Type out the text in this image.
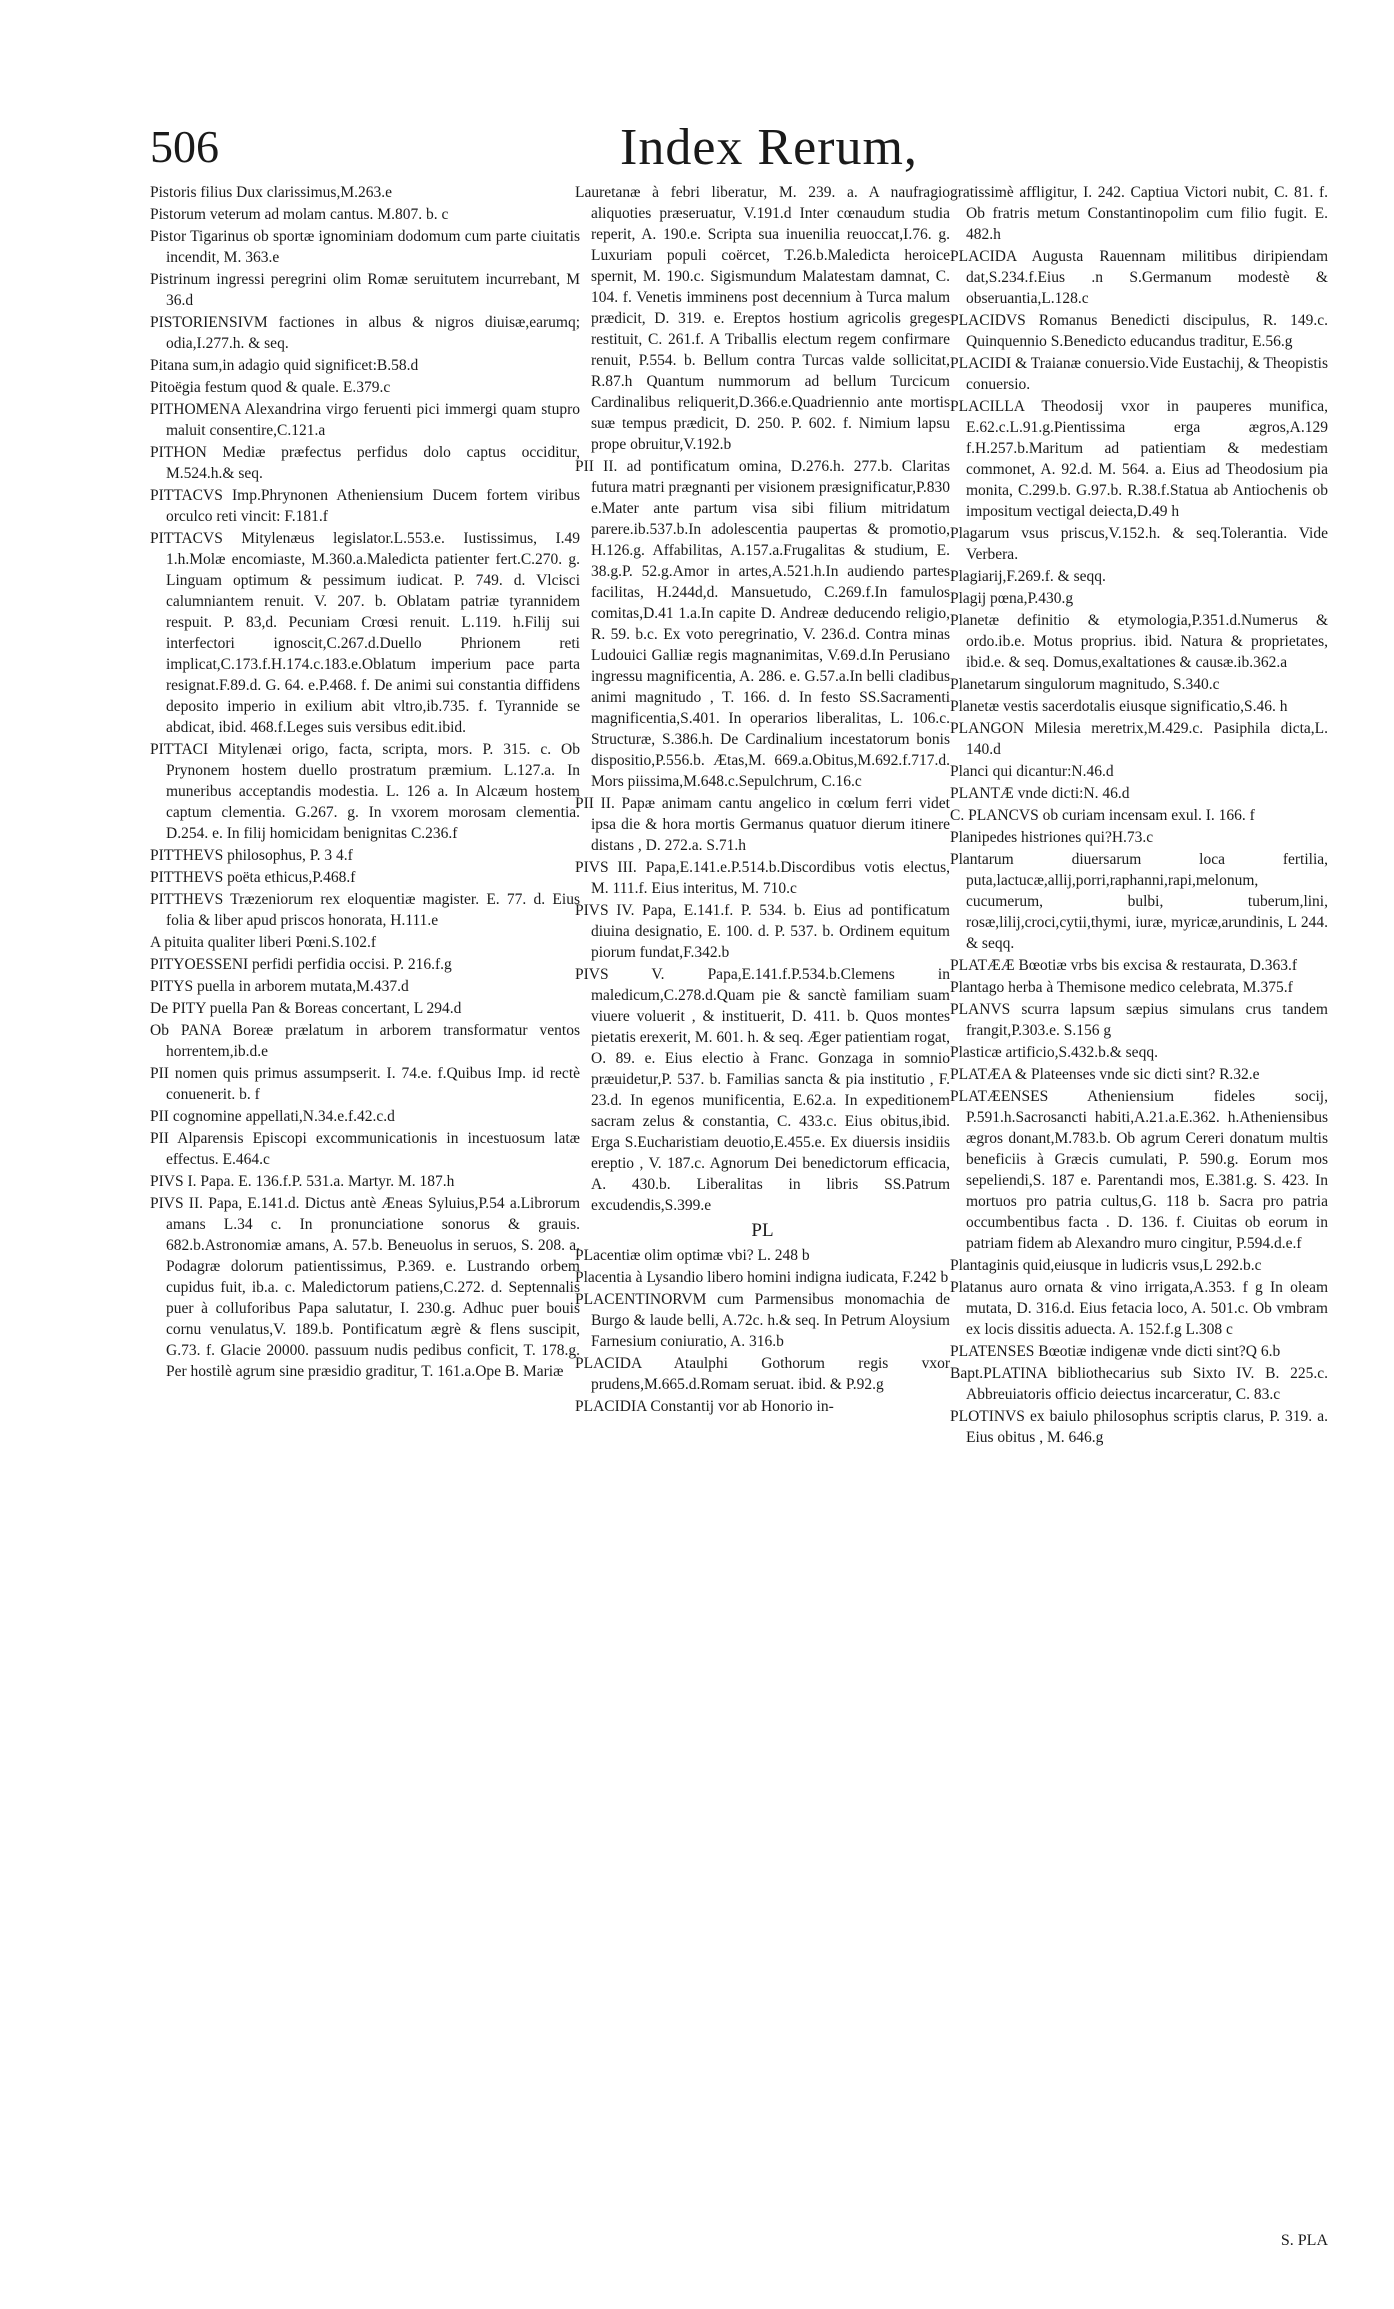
506	Index Rerum,

Pistoris filius Dux clarissimus,M.263.e

Pistorum veterum ad molam cantus. M.807. b. c

Pistor Tigarinus ob sportæ ignominiam dodomum cum parte ciuitatis incendit, M. 363.e

Pistrinum ingressi peregrini olim Romæ seruitutem incurrebant, M 36.d

PISTORIENSIVM factiones in albus & nigros diuisæ,earumq; odia,I.277.h. & seq.

Pitana sum,in adagio quid significet:B.58.d

Pitoëgia festum quod & quale. E.379.c

PITHOMENA Alexandrina virgo feruenti pici immergi quam stupro maluit consentire,C.121.a

PITHON Mediæ præfectus perfidus dolo captus occiditur, M.524.h.& seq.

PITTACVS Imp.Phrynonen Atheniensium Ducem fortem viribus orculco reti vincit: F.181.f

PITTACVS Mitylenæus legislator.L.553.e. Iustissimus, I.49 1.h.Molæ encomiaste, M.360.a.Maledicta patienter fert.C.270. g. Linguam optimum & pessimum iudicat. P. 749. d. Vlcisci calumniantem renuit. V. 207. b. Oblatam patriæ tyrannidem respuit. P. 83,d. Pecuniam Crœsi renuit. L.119. h.Filij sui interfectori ignoscit,C.267.d.Duello Phrionem reti implicat,C.173.f.H.174.c.183.e.Oblatum imperium pace parta resignat.F.89.d. G. 64. e.P.468. f. De animi sui constantia diffidens deposito imperio in exilium abit vltro,ib.735. f. Tyrannide se abdicat, ibid. 468.f.Leges suis versibus edit.ibid.

PITTACI Mitylenæi origo, facta, scripta, mors. P. 315. c. Ob Prynonem hostem duello prostratum præmium. L.127.a. In muneribus acceptandis modestia. L. 126 a. In Alcæum hostem captum clementia. G.267. g. In vxorem morosam clementia. D.254. e. In filij homicidam benignitas C.236.f

PITTHEVS philosophus, P. 3 4.f

PITTHEVS poëta ethicus,P.468.f

PITTHEVS Træzeniorum rex eloquentiæ magister. E. 77. d. Eius folia & liber apud priscos honorata, H.111.e

A pituita qualiter liberi Pœni.S.102.f

PITYOESSENI perfidi perfidia occisi. P. 216.f.g

PITYS puella in arborem mutata,M.437.d

De PITY puella Pan & Boreas concertant, L 294.d

Ob PANA Boreæ prælatum in arborem transformatur ventos horrentem,ib.d.e

PII nomen quis primus assumpserit. I. 74.e. f.Quibus Imp. id rectè conuenerit. b. f

PII cognomine appellati,N.34.e.f.42.c.d

PII Alparensis Episcopi excommunicationis in incestuosum latæ effectus. E.464.c

PIVS I. Papa. E. 136.f.P. 531.a. Martyr. M. 187.h

PIVS II. Papa, E.141.d. Dictus antè Æneas Syluius,P.54 a.Librorum amans L.34 c. In pronunciatione sonorus & grauis. 682.b.Astronomiæ amans, A. 57.b. Beneuolus in seruos, S. 208. a. Podagræ dolorum patientissimus, P.369. e. Lustrando orbem cupidus fuit, ib.a. c. Maledictorum patiens,C.272. d. Septennalis puer à colluforibus Papa salutatur, I. 230.g. Adhuc puer bouis cornu venulatus,V. 189.b. Pontificatum ægrè & flens suscipit, G.73. f. Glacie 20000. passuum nudis pedibus conficit, T. 178.g. Per hostilè agrum sine præsidio graditur, T. 161.a.Ope B. Mariæ

Lauretanæ à febri liberatur, M. 239. a. A naufragio aliquoties præseruatur, V.191.d Inter cœnaudum studia reperit, A. 190.e. Scripta sua inuenilia reuoccat,I.76. g. Luxuriam populi coërcet, T.26.b.Maledicta heroice spernit, M. 190.c. Sigismundum Malatestam damnat, C. 104. f. Venetis imminens post decennium à Turca malum prædicit, D. 319. e. Ereptos hostium agricolis greges restituit, C. 261.f. A Triballis electum regem confirmare renuit, P.554. b. Bellum contra Turcas valde sollicitat, R.87.h Quantum nummorum ad bellum Turcicum Cardinalibus reliquerit,D.366.e.Quadriennio ante mortis suæ tempus prædicit, D. 250. P. 602. f. Nimium lapsu prope obruitur,V.192.b

PII II. ad pontificatum omina, D.276.h. 277.b. Claritas futura matri prægnanti per visionem præsignificatur,P.830 e.Mater ante partum visa sibi filium mitridatum parere.ib.537.b.In adolescentia paupertas & promotio, H.126.g. Affabilitas, A.157.a.Frugalitas & studium, E. 38.g.P. 52.g.Amor in artes,A.521.h.In audiendo partes facilitas, H.244d,d. Mansuetudo, C.269.f.In famulos comitas,D.41 1.a.In capite D. Andreæ deducendo religio, R. 59. b.c. Ex voto peregrinatio, V. 236.d. Contra minas Ludouici Galliæ regis magnanimitas, V.69.d.In Perusiano ingressu magnificentia, A. 286. e. G.57.a.In belli cladibus animi magnitudo , T. 166. d. In festo SS.Sacramenti magnificentia,S.401. In operarios liberalitas, L. 106.c. Structuræ, S.386.h. De Cardinalium incestatorum bonis dispositio,P.556.b. Ætas,M. 669.a.Obitus,M.692.f.717.d. Mors piissima,M.648.c.Sepulchrum, C.16.c

PII II. Papæ animam cantu angelico in cœlum ferri videt ipsa die & hora mortis Germanus quatuor dierum itinere distans , D. 272.a. S.71.h

PIVS III. Papa,E.141.e.P.514.b.Discordibus votis electus, M. 111.f. Eius interitus, M. 710.c

PIVS IV. Papa, E.141.f. P. 534. b. Eius ad pontificatum diuina designatio, E. 100. d. P. 537. b. Ordinem equitum piorum fundat,F.342.b

PIVS V. Papa,E.141.f.P.534.b.Clemens in maledicum,C.278.d.Quam pie & sanctè familiam suam viuere voluerit , & instituerit, D. 411. b. Quos montes pietatis erexerit, M. 601. h. & seq. Æger patientiam rogat, O. 89. e. Eius electio à Franc. Gonzaga in somnio præuidetur,P. 537. b. Familias sancta & pia institutio , F. 23.d. In egenos munificentia, E.62.a. In expeditionem sacram zelus & constantia, C. 433.c. Eius obitus,ibid. Erga S.Eucharistiam deuotio,E.455.e. Ex diuersis insidiis ereptio , V. 187.c. Agnorum Dei benedictorum efficacia, A. 430.b. Liberalitas in libris SS.Patrum excudendis,S.399.e

PL

PLacentiæ olim optimæ vbi? L. 248 b

Placentia à Lysandio libero homini indigna iudicata, F.242 b

PLACENTINORVM cum Parmensibus monomachia de Burgo & laude belli, A.72c. h.& seq. In Petrum Aloysium Farnesium coniuratio, A. 316.b

PLACIDA Ataulphi Gothorum regis vxor prudens,M.665.d.Romam seruat. ibid. & P.92.g

PLACIDIA Constantij vor ab Honorio in-

gratissimè affligitur, I. 242. Captiua Victori nubit, C. 81. f. Ob fratris metum Constantinopolim cum filio fugit. E. 482.h

PLACIDA Augusta Rauennam militibus diripiendam dat,S.234.f.Eius .n S.Germanum modestè & obseruantia,L.128.c

PLACIDVS Romanus Benedicti discipulus, R. 149.c. Quinquennio S.Benedicto educandus traditur, E.56.g

PLACIDI & Traianæ conuersio.Vide Eustachij, & Theopistis conuersio.

PLACILLA Theodosij vxor in pauperes munifica, E.62.c.L.91.g.Pientissima erga ægros,A.129 f.H.257.b.Maritum ad patientiam & medestiam commonet, A. 92.d. M. 564. a. Eius ad Theodosium pia monita, C.299.b. G.97.b. R.38.f.Statua ab Antiochenis ob impositum vectigal deiecta,D.49 h

Plagarum vsus priscus,V.152.h. & seq.Tolerantia. Vide Verbera.

Plagiarij,F.269.f. & seqq.

Plagij pœna,P.430.g

Planetæ definitio & etymologia,P.351.d.Numerus & ordo.ib.e. Motus proprius. ibid. Natura & proprietates, ibid.e. & seq. Domus,exaltationes & causæ.ib.362.a

Planetarum singulorum magnitudo, S.340.c

Planetæ vestis sacerdotalis eiusque significatio,S.46. h

PLANGON Milesia meretrix,M.429.c. Pasiphila dicta,L. 140.d

Planci qui dicantur:N.46.d

PLANTÆ vnde dicti:N. 46.d

C. PLANCVS ob curiam incensam exul. I. 166. f

Planipedes histriones qui?H.73.c

Plantarum diuersarum loca fertilia, puta,lactucæ,allij,porri,raphanni,rapi,melonum, cucumerum, bulbi, tuberum,lini, rosæ,lilij,croci,cytii,thymi, iuræ, myricæ,arundinis, L 244. & seqq.

PLATÆÆ Bœotiæ vrbs bis excisa & restaurata, D.363.f

Plantago herba à Themisone medico celebrata, M.375.f

PLANVS scurra lapsum sæpius simulans crus tandem frangit,P.303.e. S.156 g

Plasticæ artificio,S.432.b.& seqq.

PLATÆA & Plateenses vnde sic dicti sint? R.32.e

PLATÆENSES Atheniensium fideles socij, P.591.h.Sacrosancti habiti,A.21.a.E.362. h.Atheniensibus ægros donant,M.783.b. Ob agrum Cereri donatum multis beneficiis à Græcis cumulati, P. 590.g. Eorum mos sepeliendi,S. 187 e. Parentandi mos, E.381.g. S. 423. In mortuos pro patria cultus,G. 118 b. Sacra pro patria occumbentibus facta . D. 136. f. Ciuitas ob eorum in patriam fidem ab Alexandro muro cingitur, P.594.d.e.f

Plantaginis quid,eiusque in ludicris vsus,L 292.b.c

Platanus auro ornata & vino irrigata,A.353. f g In oleam mutata, D. 316.d. Eius fetacia loco, A. 501.c. Ob vmbram ex locis dissitis aduecta. A. 152.f.g L.308 c

PLATENSES Bœotiæ indigenæ vnde dicti sint?Q 6.b

Bapt.PLATINA bibliothecarius sub Sixto IV. B. 225.c. Abbreuiatoris officio deiectus incarceratur, C. 83.c

PLOTINVS ex baiulo philosophus scriptis clarus, P. 319. a. Eius obitus , M. 646.g

S. PLA
